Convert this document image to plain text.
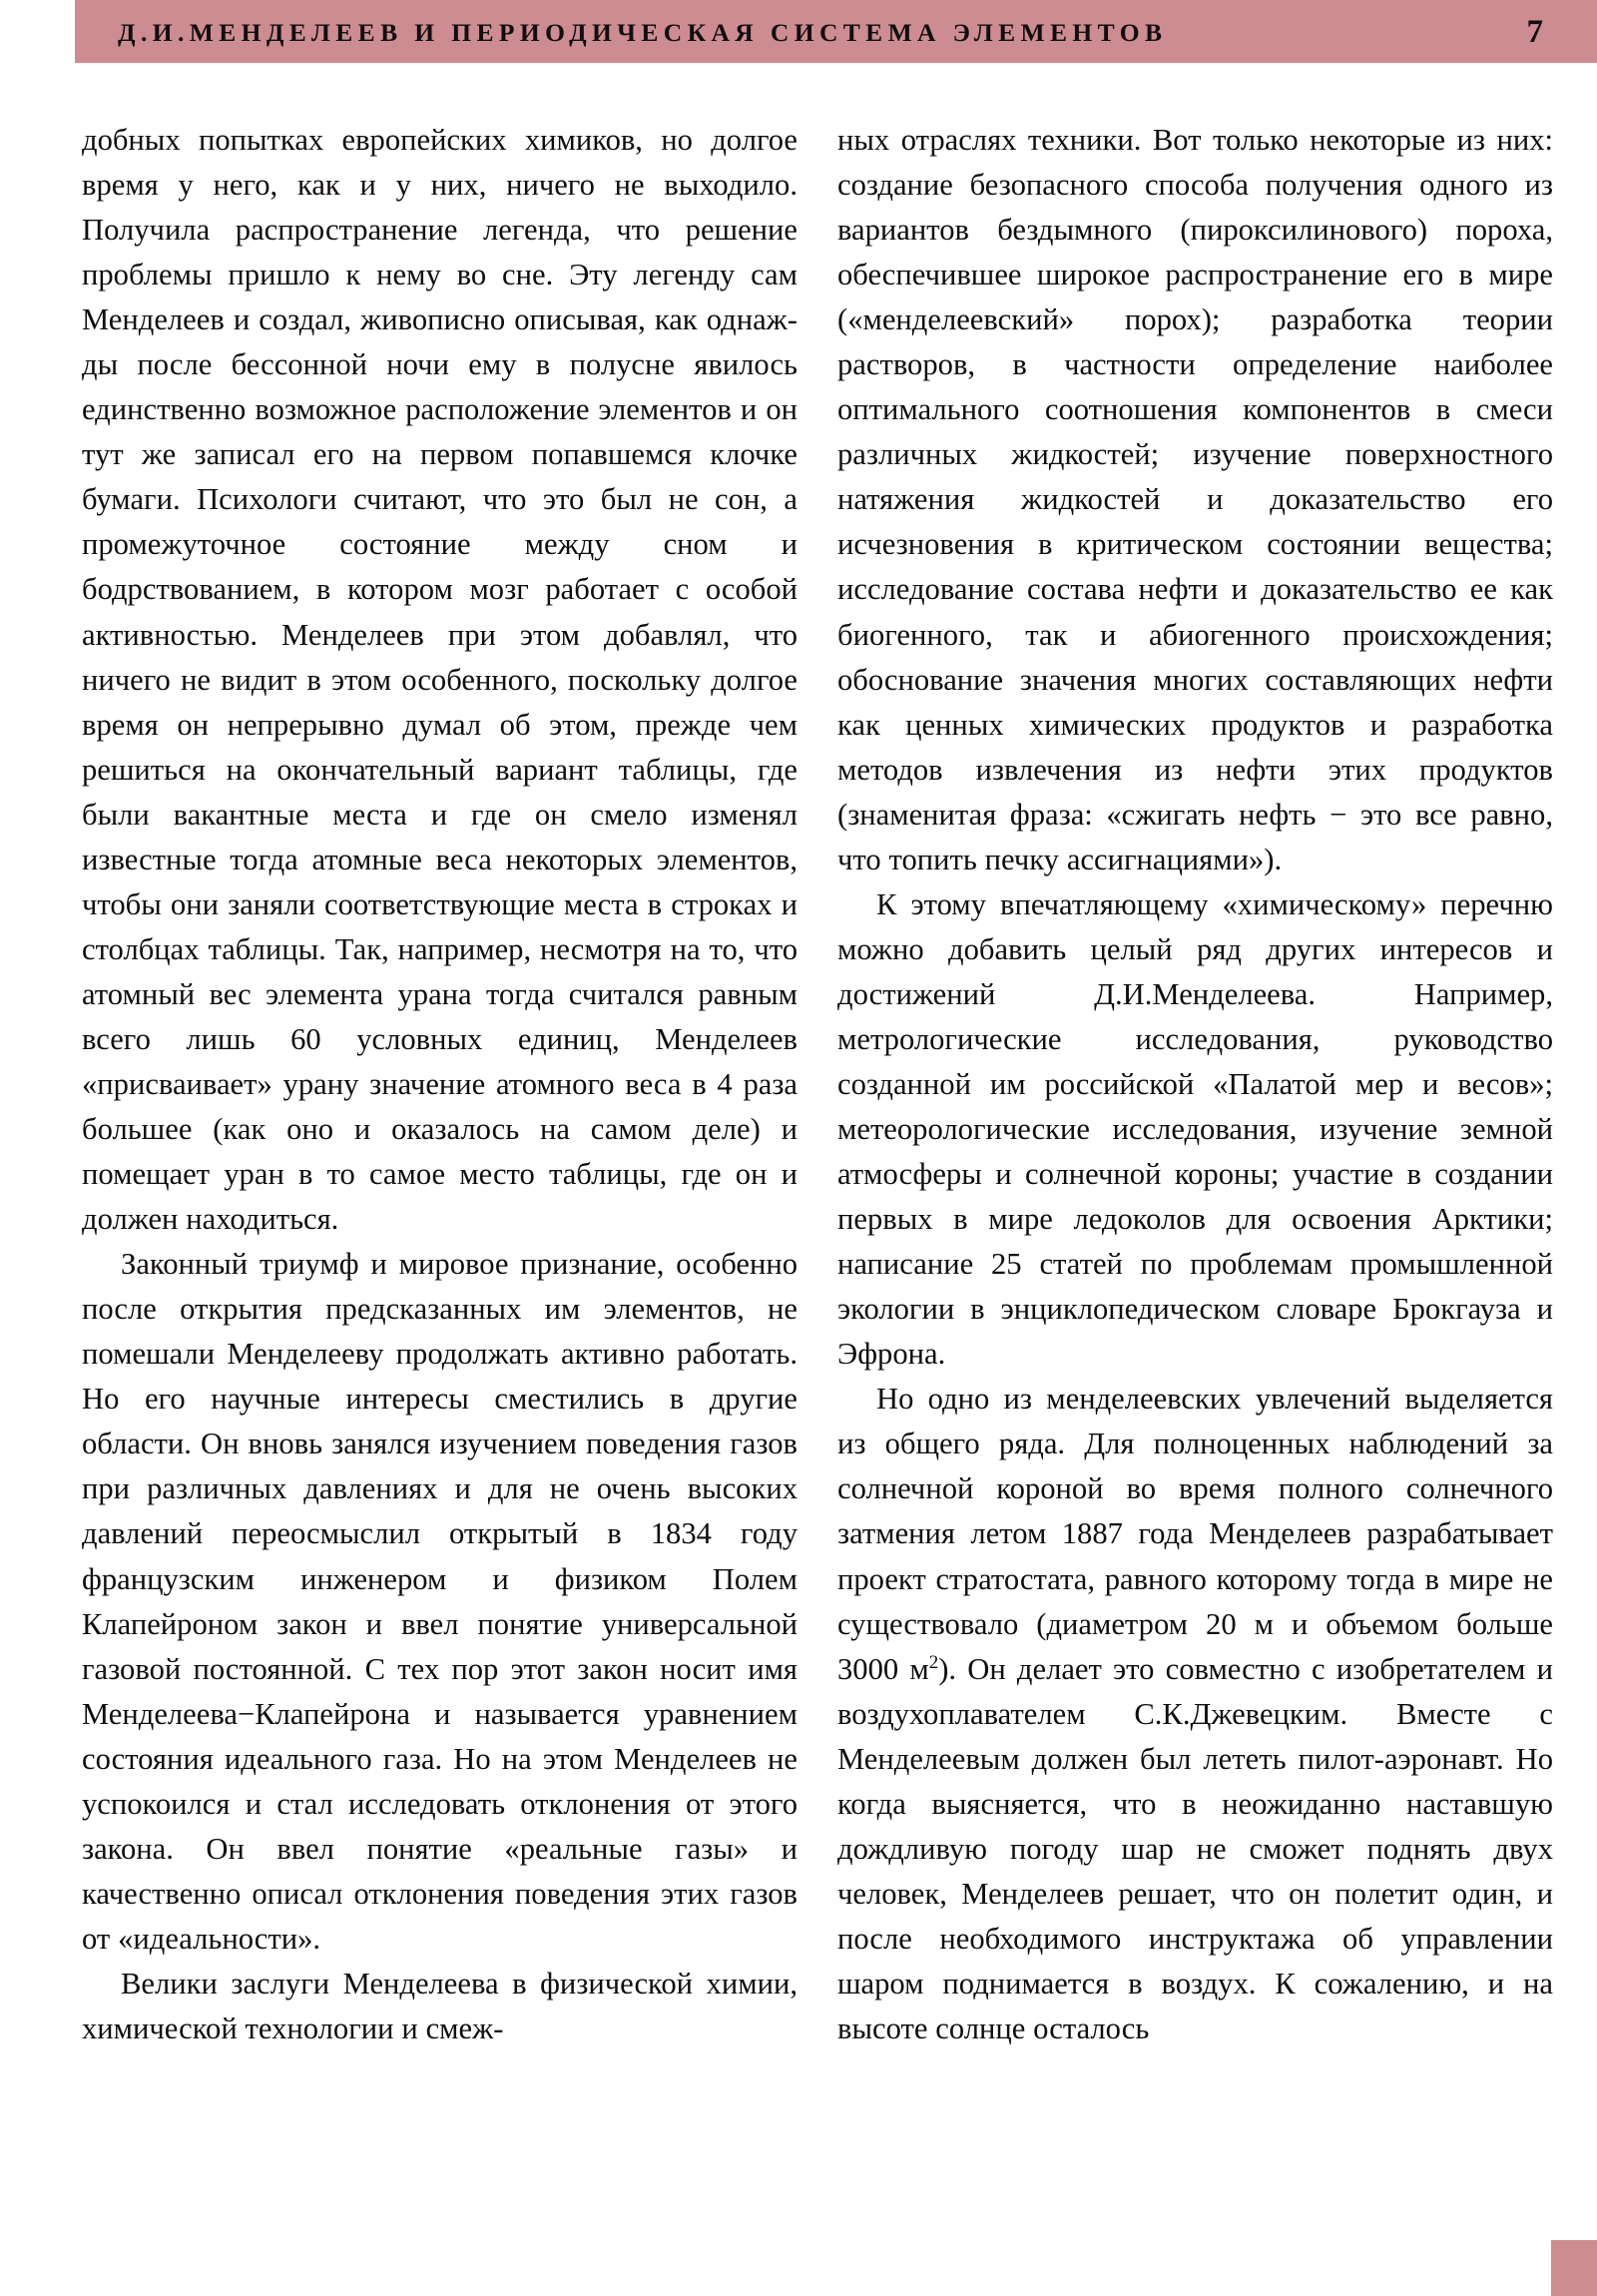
Д.И.МЕНДЕЛЕЕВ И ПЕРИОДИЧЕСКАЯ СИСТЕМА ЭЛЕМЕНТОВ	7

добных попытках европейских химиков, но долгое время у него, как и у них, ничего не выходило. Получила распространение легенда, что решение проблемы пришло к нему во сне. Эту легенду сам Менделеев и создал, живописно описывая, как однаж-ды после бессонной ночи ему в полусне явилось единственно возможное расположение элементов и он тут же записал его на первом попавшемся клочке бумаги. Психологи считают, что это был не сон, а промежуточное состояние между сном и бодрствованием, в котором мозг работает с особой активностью. Менделеев при этом добавлял, что ничего не видит в этом особенного, поскольку долгое время он непрерывно думал об этом, прежде чем решиться на окончательный вариант таблицы, где были вакантные места и где он смело изменял известные тогда атомные веса некоторых элементов, чтобы они заняли соответствующие места в строках и столбцах таблицы. Так, например, несмотря на то, что атомный вес элемента урана тогда считался равным всего лишь 60 условных единиц, Менделеев «присваивает» урану значение атомного веса в 4 раза большее (как оно и оказалось на самом деле) и помещает уран в то самое место таблицы, где он и должен находиться.

Законный триумф и мировое признание, особенно после открытия предсказанных им элементов, не помешали Менделееву продолжать активно работать. Но его научные интересы сместились в другие области. Он вновь занялся изучением поведения газов при различных давлениях и для не очень высоких давлений переосмыслил открытый в 1834 году французским инженером и физиком Полем Клапейроном закон и ввел понятие универсальной газовой постоянной. С тех пор этот закон носит имя Менделеева−Клапейрона и называется уравнением состояния идеального газа. Но на этом Менделеев не успокоился и стал исследовать отклонения от этого закона. Он ввел понятие «реальные газы» и качественно описал отклонения поведения этих газов от «идеальности».

Велики заслуги Менделеева в физической химии, химической технологии и смеж-

ных отраслях техники. Вот только некоторые из них: создание безопасного способа получения одного из вариантов бездымного (пироксилинового) пороха, обеспечившее широкое распространение его в мире («менделеевский» порох); разработка теории растворов, в частности определение наиболее оптимального соотношения компонентов в смеси различных жидкостей; изучение поверхностного натяжения жидкостей и доказательство его исчезновения в критическом состоянии вещества; исследование состава нефти и доказательство ее как биогенного, так и абиогенного происхождения; обоснование значения многих составляющих нефти как ценных химических продуктов и разработка методов извлечения из нефти этих продуктов (знаменитая фраза: «сжигать нефть − это все равно, что топить печку ассигнациями»).

К этому впечатляющему «химическому» перечню можно добавить целый ряд других интересов и достижений Д.И.Менделеева. Например, метрологические исследования, руководство созданной им российской «Палатой мер и весов»; метеорологические исследования, изучение земной атмосферы и солнечной короны; участие в создании первых в мире ледоколов для освоения Арктики; написание 25 статей по проблемам промышленной экологии в энциклопедическом словаре Брокгауза и Эфрона.

Но одно из менделеевских увлечений выделяется из общего ряда. Для полноценных наблюдений за солнечной короной во время полного солнечного затмения летом 1887 года Менделеев разрабатывает проект стратостата, равного которому тогда в мире не существовало (диаметром 20 м и объемом больше 3000 $м^2$). Он делает это совместно с изобретателем и воздухоплавателем С.К.Джевецким. Вместе с Менделеевым должен был лететь пилот-аэронавт. Но когда выясняется, что в неожиданно наставшую дождливую погоду шар не сможет поднять двух человек, Менделеев решает, что он полетит один, и после необходимого инструктажа об управлении шаром поднимается в воздух. К сожалению, и на высоте солнце осталось
